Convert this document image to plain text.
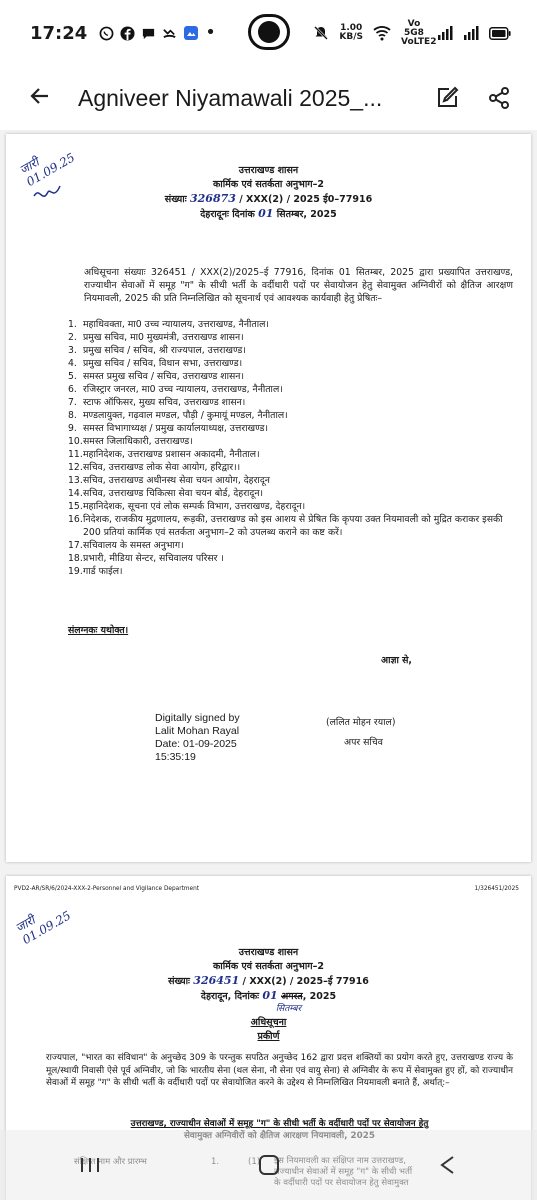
17:24	•	1.00
KB/S
Vo 5G8 VoLTE2
Agniveer Niyamawali 2025_...
जारी 01.09.25	उत्तराखण्ड शासन
कार्मिक एवं सतर्कता अनुभाग–2
संख्याः 326873 / XXX(2) / 2025 ई0–77916
देहरादूनः दिनांक 01 सितम्बर, 2025
अधिसूचना संख्याः 326451 / XXX(2)/2025–ई 77916, दिनांक 01 सितम्बर, 2025 द्वारा प्रख्यापित उत्तराखण्ड, राज्याधीन सेवाओं में समूह "ग" के सीधी भर्ती के वर्दीधारी पदों पर सेवायोजन हेतु सेवामुक्त अग्निवीरों को क्षैतिज आरक्षण नियमावली, 2025 की प्रति निम्नलिखित को सूचनार्थ एवं आवश्यक कार्यवाही हेतु प्रेषितः–
1. महाधिवक्ता, मा0 उच्च न्यायालय, उत्तराखण्ड, नैनीताल।
2. प्रमुख सचिव, मा0 मुख्यमंत्री, उत्तराखण्ड शासन।
3. प्रमुख सचिव / सचिव, श्री राज्यपाल, उत्तराखण्ड।
4. प्रमुख सचिव / सचिव, विधान सभा, उत्तराखण्ड।
5. समस्त प्रमुख सचिव / सचिव, उत्तराखण्ड शासन।
6. रजिस्ट्रार जनरल, मा0 उच्च न्यायालय, उत्तराखण्ड, नैनीताल।
7. स्टाफ ऑफिसर, मुख्य सचिव, उत्तराखण्ड शासन।
8. मण्डलायुक्त, गढ़वाल मण्डल, पौड़ी / कुमायूं मण्डल, नैनीताल।
9. समस्त विभागाध्यक्ष / प्रमुख कार्यालयाध्यक्ष, उत्तराखण्ड।
10. समस्त जिलाधिकारी, उत्तराखण्ड।
11. महानिदेशक, उत्तराखण्ड प्रशासन अकादमी, नैनीताल।
12. सचिव, उत्तराखण्ड लोक सेवा आयोग, हरिद्वार।।
13. सचिव, उत्तराखण्ड अधीनस्थ सेवा चयन आयोग, देहरादून
14. सचिव, उत्तराखण्ड चिकित्सा सेवा चयन बोर्ड, देहरादून।
15. महानिदेशक, सूचना एवं लोक सम्पर्क विभाग, उत्तराखण्ड, देहरादून।
16. निदेशक, राजकीय मुद्रणालय, रूड़की, उत्तराखण्ड को इस आशय से प्रेषित कि कृपया उक्त नियमावली को मुद्रित कराकर इसकी 200 प्रतियां कार्मिक एवं सतर्कता अनुभाग–2 को उपलब्ध कराने का कष्ट करें।
17. सचिवालय के समस्त अनुभाग।
18. प्रभारी, मीडिया सेन्टर, सचिवालय परिसर ।
19. गार्ड फाईल।
संलग्नकः यथोक्त।
आज्ञा से,
Digitally signed by
Lalit Mohan Rayal
Date: 01-09-2025
15:35:19
(ललित मोहन रयाल)
अपर सचिव
PVD2-AR/SR/6/2024-XXX-2-Personnel and Vigilance Department	1/326451/2025
जारी 01.09.25
उत्तराखण्ड शासन
कार्मिक एवं सतर्कता अनुभाग–2
संख्याः 326451 / XXX(2) / 2025–ई 77916
देहरादून, दिनांकः 01 अगस्त, 2025
सितम्बर
अधिसूचना
प्रकीर्ण
राज्यपाल, "भारत का संविधान" के अनुच्छेद 309 के परन्तुक सपठित अनुच्छेद 162 द्वारा प्रदत्त शक्तियों का प्रयोग करते हुए, उत्तराखण्ड राज्य के मूल/स्थायी निवासी ऐसे पूर्व अग्निवीर, जो कि भारतीय सेना (थल सेना, नौ सेना एवं वायु सेना) से अग्निवीर के रूप में सेवामुक्त हुए हों, को राज्याधीन सेवाओं में समूह "ग" के सीधी भर्ती के वर्दीधारी पदों पर सेवायोजित करने के उद्देश्य से निम्नलिखित नियमावली बनाते हैं, अर्थात्:–
उत्तराखण्ड, राज्याधीन सेवाओं में समूह "ग" के सीधी भर्ती के वर्दीधारी पदों पर सेवायोजन हेतु
